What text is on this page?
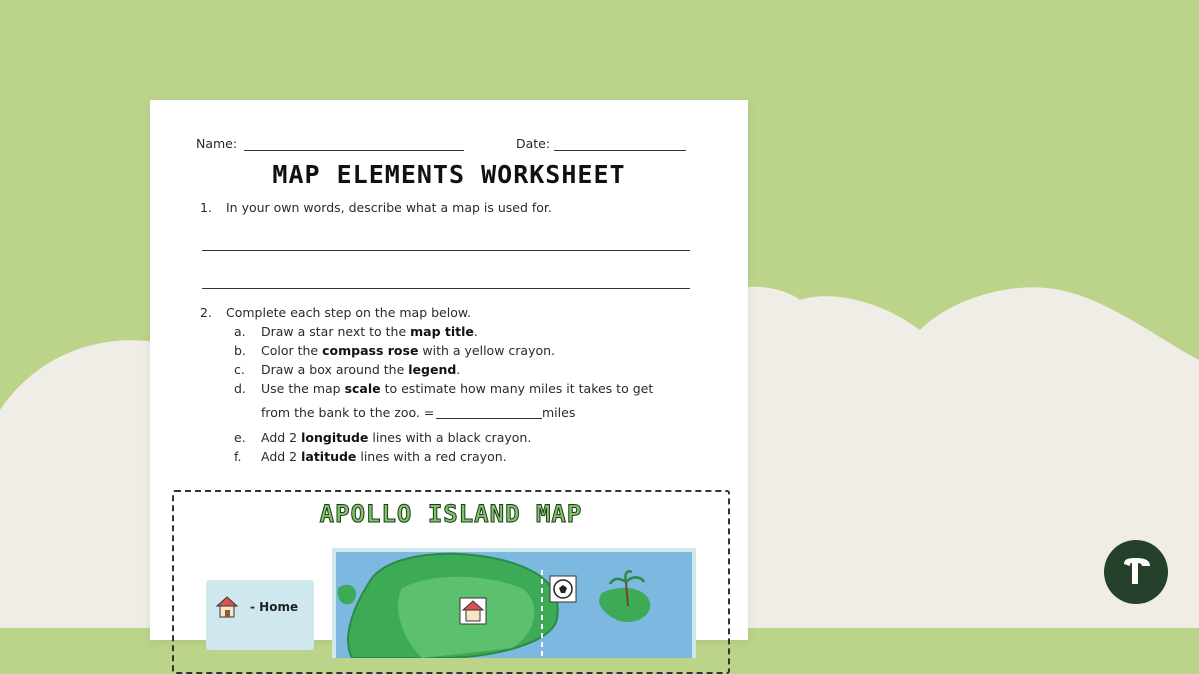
Name:	Date:
MAP ELEMENTS WORKSHEET
1. In your own words, describe what a map is used for.
2. Complete each step on the map below.
a. Draw a star next to the map title.
b. Color the compass rose with a yellow crayon.
c. Draw a box around the legend.
d. Use the map scale to estimate how many miles it takes to get
e. Add 2 longitude lines with a black crayon.
f. Add 2 latitude lines with a red crayon.
from the bank to the zoo. =	miles
APOLLO ISLAND MAP
- Home
